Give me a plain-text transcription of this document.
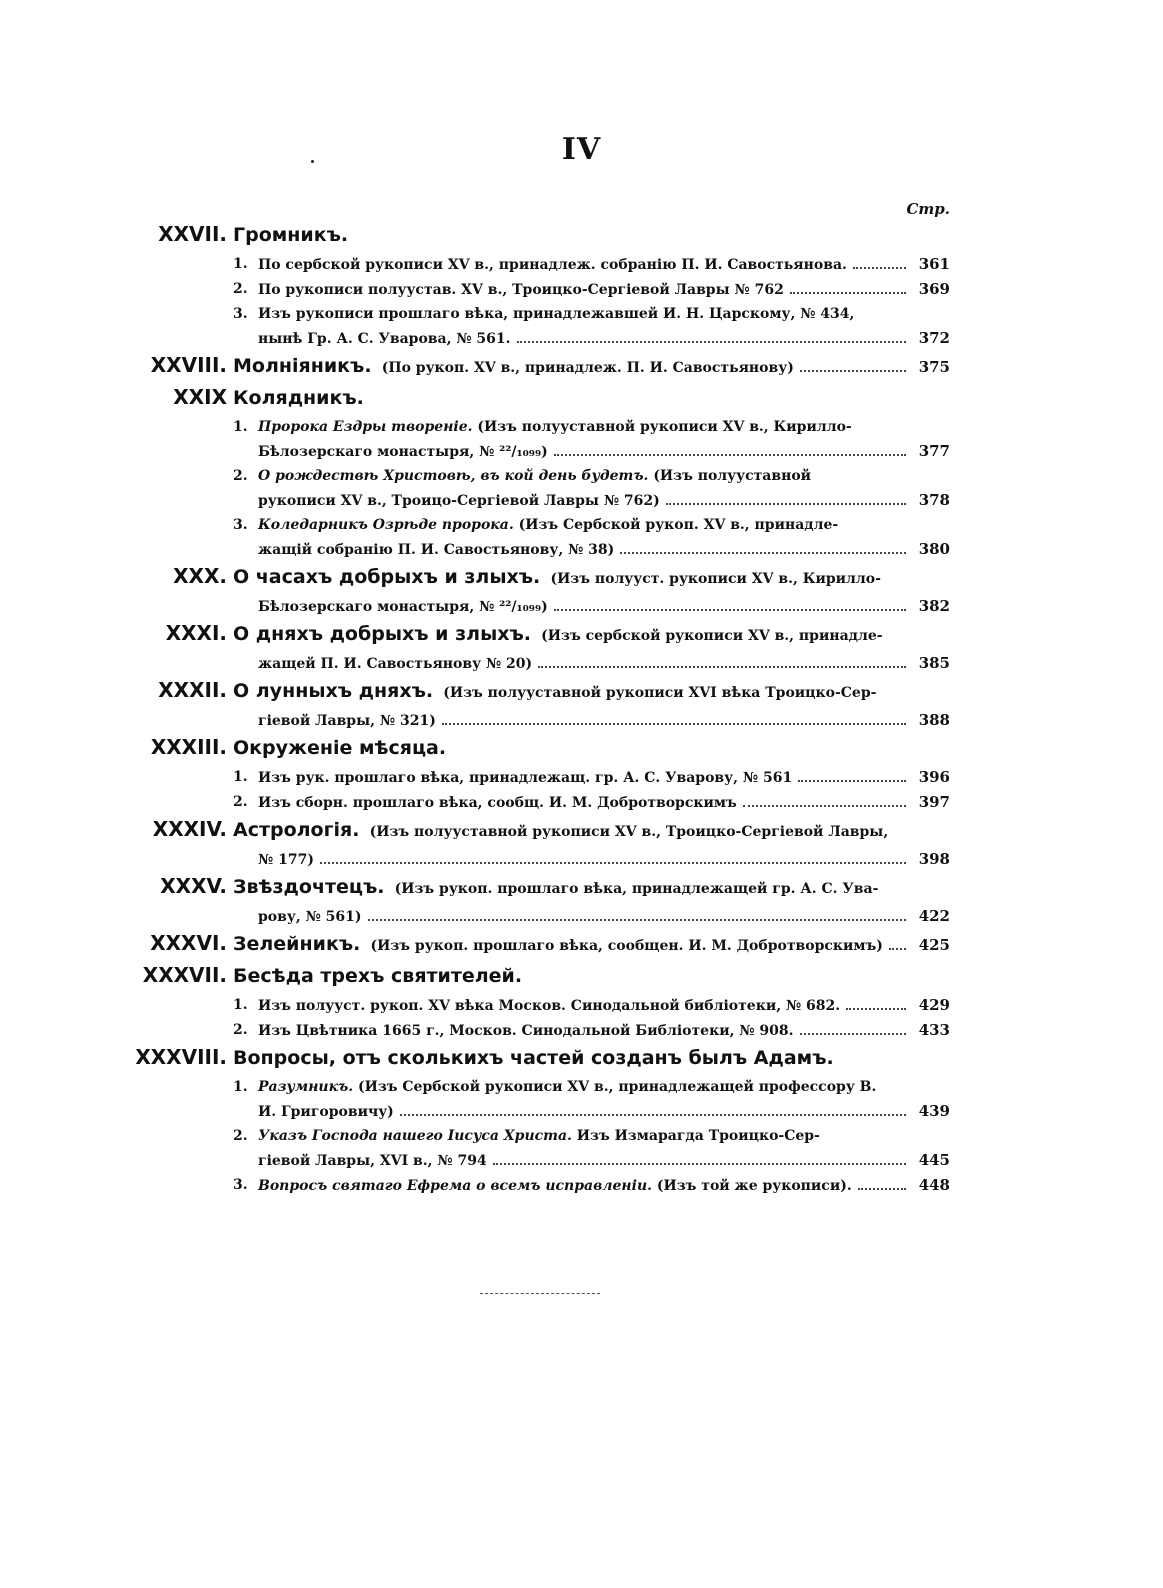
IV
Стр.
XXVII. Громникъ.
1. По сербской рукописи XV в., принадлеж. собранію П. И. Савостьянова.	361
2. По рукописи полуустав. XV в., Троицко-Сергіевой Лавры № 762	369
3. Изъ рукописи прошлаго вѣка, принадлежавшей И. Н. Царскому, № 434,
нынѣ Гр. А. С. Уварова, № 561.	372
XXVIII. Молніяникъ.
(По рукоп. XV в., принадлеж. П. И. Савостьянову)	375
XXIX Колядникъ.
1. Пророка Ездры твореніе. (Изъ полууставной рукописи XV в., Кирилло-
Бѣлозерскаго монастыря, № ²²/₁₀₉₉)	377
2. О рождествѣ Христовѣ, въ кой день будетъ. (Изъ полууставной
рукописи XV в., Троицо-Сергіевой Лавры № 762)	378
3. Коледарникъ Озрѣде пророка. (Изъ Сербской рукоп. XV в., принадле-
жащій собранію П. И. Савостьянову, № 38)	380
XXX. О часахъ добрыхъ и злыхъ.
(Изъ полууст. рукописи XV в., Кирилло-
Бѣлозерскаго монастыря, № ²²/₁₀₉₉)	382
XXXI. О дняхъ добрыхъ и злыхъ.
(Изъ сербской рукописи XV в., принадле-
жащей П. И. Савостьянову № 20)	385
XXXII. О лунныхъ дняхъ.
(Изъ полууставной рукописи XVI вѣка Троицко-Сер-
гіевой Лавры, № 321)	388
XXXIII. Окруженіе мѣсяца.
1. Изъ рук. прошлаго вѣка, принадлежащ. гр. А. С. Уварову, № 561	396
2. Изъ сборн. прошлаго вѣка, сообщ. И. М. Добротворскимъ	397
XXXIV. Астрологія.
(Изъ полууставной рукописи XV в., Троицко-Сергіевой Лавры,
№ 177)	398
XXXV. Звѣздочтецъ.
(Изъ рукоп. прошлаго вѣка, принадлежащей гр. А. С. Ува-
рову, № 561)	422
XXXVI. Зелейникъ.
(Изъ рукоп. прошлаго вѣка, сообщен. И. М. Добротворскимъ)	425
XXXVII. Бесѣда трехъ святителей.
1. Изъ полууст. рукоп. XV вѣка Москов. Синодальной библіотеки, № 682.	429
2. Изъ Цвѣтника 1665 г., Москов. Синодальной Библіотеки, № 908.	433
XXXVIII. Вопросы, отъ сколькихъ частей созданъ былъ Адамъ.
1. Разумникъ. (Изъ Сербской рукописи XV в., принадлежащей профессору В.
И. Григоровичу)	439
2. Указъ Господа нашего Іисуса Христа. Изъ Измарагда Троицко-Сер-
гіевой Лавры, XVI в., № 794	445
3. Вопросъ святаго Ефрема о всемъ исправленіи. (Изъ той же рукописи).	448
